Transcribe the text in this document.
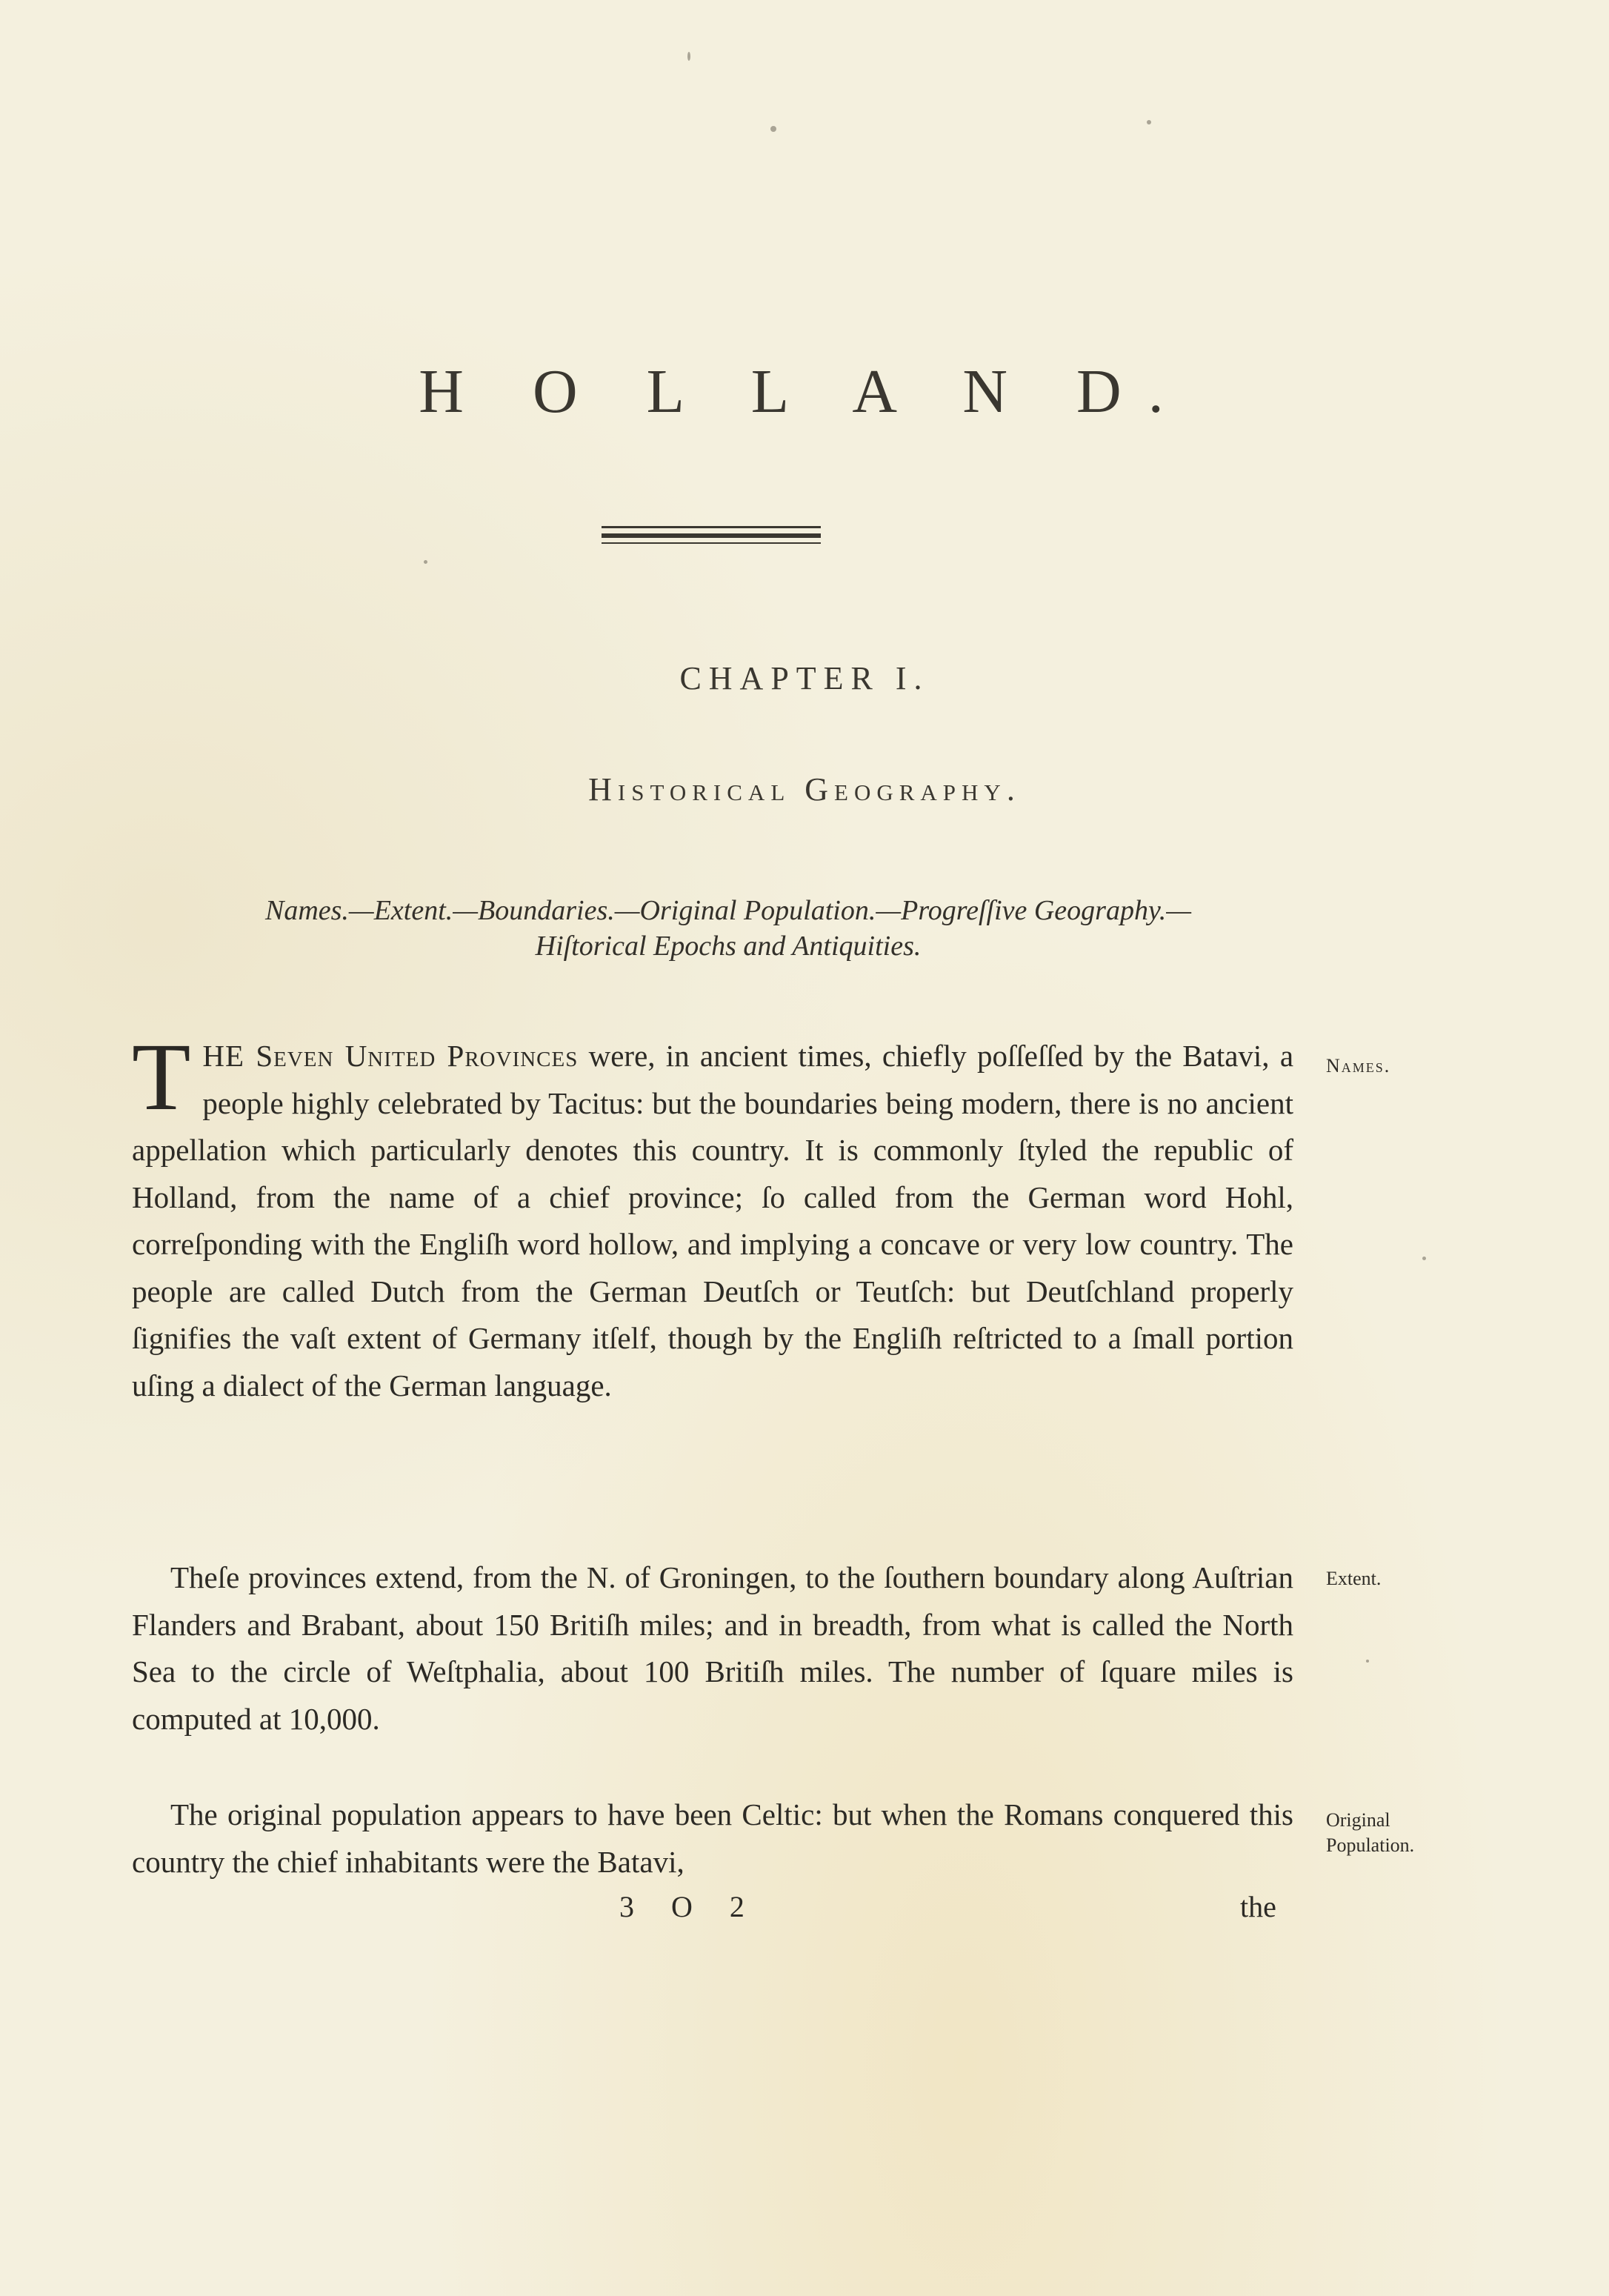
H O L L A N D.
CHAPTER I.
Historical Geography.
Names.—Extent.—Boundaries.—Original Population.—Progreſſive Geography.—
Hiſtorical Epochs and Antiquities.
THE Seven United Provinces were, in ancient times, chiefly poſſeſſed by the Batavi, a people highly celebrated by Tacitus: but the boundaries being modern, there is no ancient appellation which particularly denotes this country. It is commonly ſtyled the republic of Holland, from the name of a chief province; ſo called from the German word Hohl, correſponding with the Engliſh word hollow, and implying a concave or very low country. The people are called Dutch from the German Deutſch or Teutſch: but Deutſchland properly ſignifies the vaſt extent of Germany itſelf, though by the Engliſh reſtricted to a ſmall portion uſing a dialect of the German language.
Theſe provinces extend, from the N. of Groningen, to the ſouthern boundary along Auſtrian Flanders and Brabant, about 150 Britiſh miles; and in breadth, from what is called the North Sea to the circle of Weſtphalia, about 100 Britiſh miles. The number of ſquare miles is computed at 10,000.
The original population appears to have been Celtic: but when the Romans conquered this country the chief inhabitants were the Batavi,
Names.
Extent.
Original Population.
3 O 2	the
